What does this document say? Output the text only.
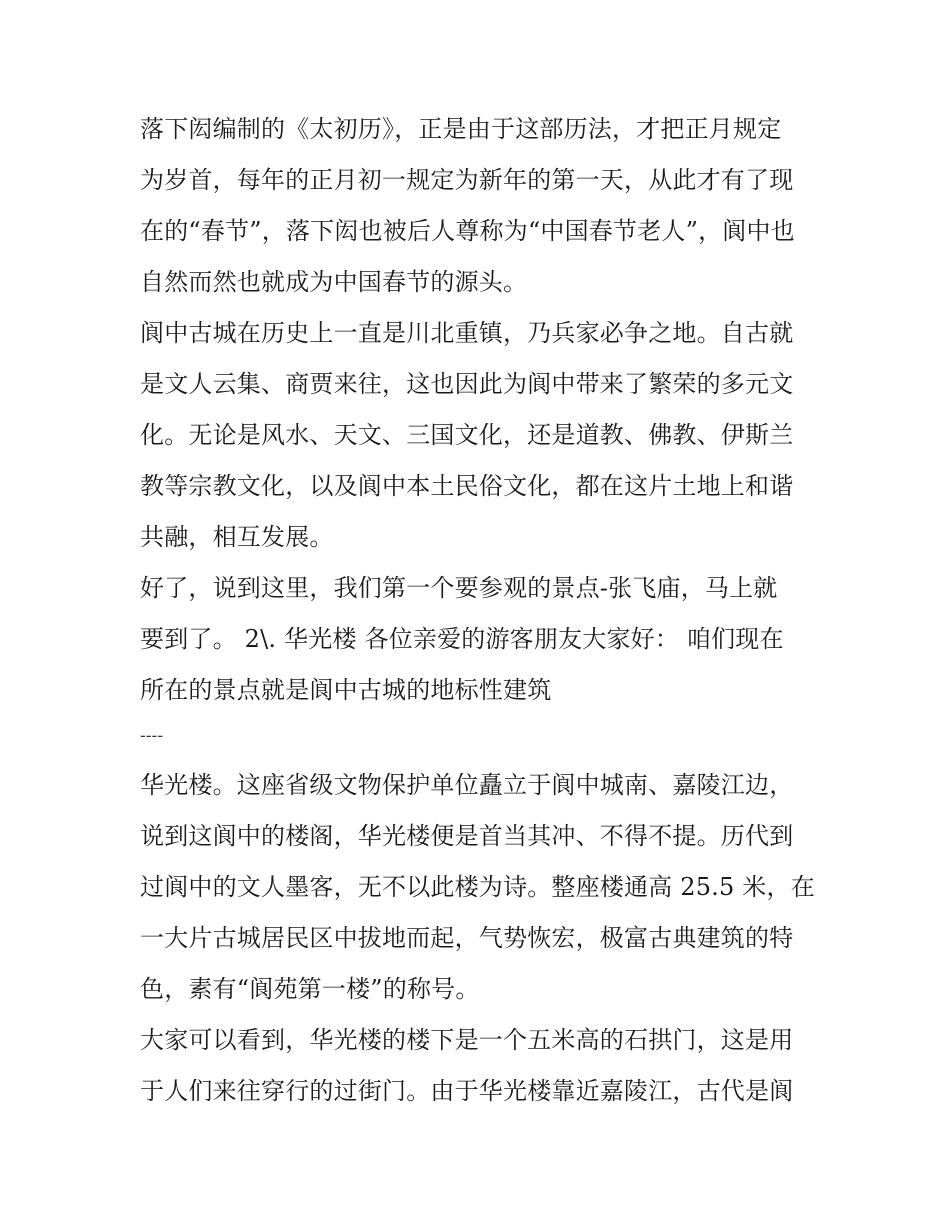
落下闳编制的《太初历》，正是由于这部历法，才把正月规定
为岁首，每年的正月初一规定为新年的第一天，从此才有了现
在的“春节”，落下闳也被后人尊称为“中国春节老人”，阆中也
自然而然也就成为中国春节的源头。
阆中古城在历史上一直是川北重镇，乃兵家必争之地。自古就
是文人云集、商贾来往，这也因此为阆中带来了繁荣的多元文
化。无论是风水、天文、三国文化，还是道教、佛教、伊斯兰
教等宗教文化，以及阆中本土民俗文化，都在这片土地上和谐
共融，相互发展。
好了，说到这里，我们第一个要参观的景点-张飞庙，马上就
要到了。 2\. 华光楼 各位亲爱的游客朋友大家好： 咱们现在
所在的景点就是阆中古城的地标性建筑
----
华光楼。这座省级文物保护单位矗立于阆中城南、嘉陵江边，
说到这阆中的楼阁，华光楼便是首当其冲、不得不提。历代到
过阆中的文人墨客，无不以此楼为诗。整座楼通高 25.5 米，在
一大片古城居民区中拔地而起，气势恢宏，极富古典建筑的特
色，素有“阆苑第一楼”的称号。
大家可以看到，华光楼的楼下是一个五米高的石拱门，这是用
于人们来往穿行的过街门。由于华光楼靠近嘉陵江，古代是阆
